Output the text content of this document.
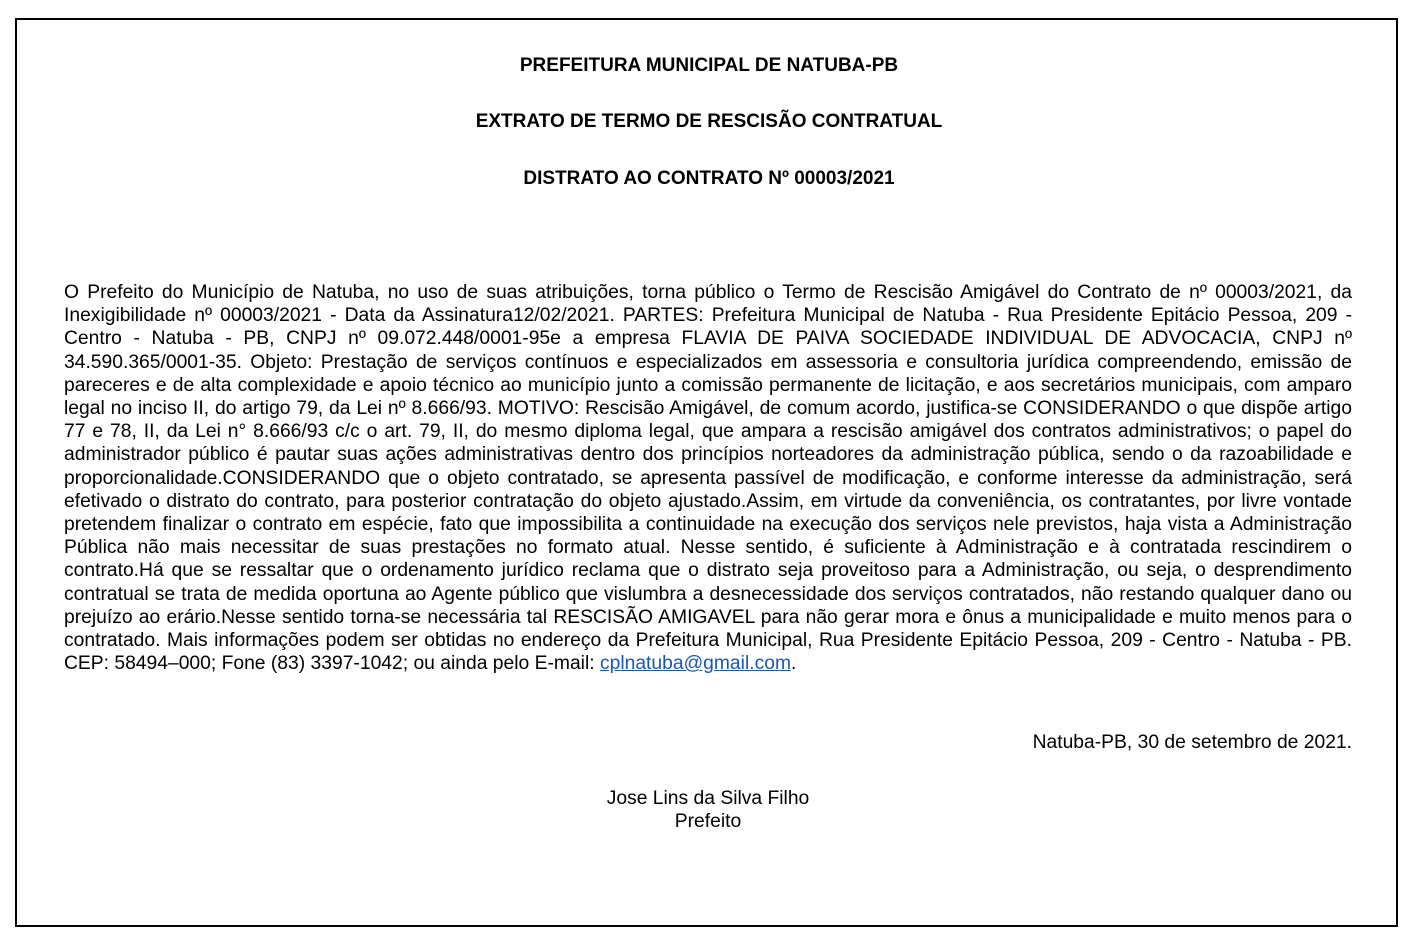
PREFEITURA MUNICIPAL DE NATUBA-PB

EXTRATO DE TERMO DE RESCISÃO CONTRATUAL

DISTRATO AO CONTRATO Nº 00003/2021

O Prefeito do Município de Natuba, no uso de suas atribuições, torna público o Termo de Rescisão Amigável do Contrato de nº 00003/2021, da Inexigibilidade nº 00003/2021 - Data da Assinatura12/02/2021. PARTES: Prefeitura Municipal de Natuba - Rua Presidente Epitácio Pessoa, 209 - Centro - Natuba - PB, CNPJ nº 09.072.448/0001-95e a empresa FLAVIA DE PAIVA SOCIEDADE INDIVIDUAL DE ADVOCACIA, CNPJ nº 34.590.365/0001-35. Objeto: Prestação de serviços contínuos e especializados em assessoria e consultoria jurídica compreendendo, emissão de pareceres e de alta complexidade e apoio técnico ao município junto a comissão permanente de licitação, e aos secretários municipais, com amparo legal no inciso II, do artigo 79, da Lei nº 8.666/93. MOTIVO: Rescisão Amigável, de comum acordo, justifica-se CONSIDERANDO o que dispõe artigo 77 e 78, II, da Lei n° 8.666/93 c/c o art. 79, II, do mesmo diploma legal, que ampara a rescisão amigável dos contratos administrativos; o papel do administrador público é pautar suas ações administrativas dentro dos princípios norteadores da administração pública, sendo o da razoabilidade e proporcionalidade.CONSIDERANDO que o objeto contratado, se apresenta passível de modificação, e conforme interesse da administração, será efetivado o distrato do contrato, para posterior contratação do objeto ajustado.Assim, em virtude da conveniência, os contratantes, por livre vontade pretendem finalizar o contrato em espécie, fato que impossibilita a continuidade na execução dos serviços nele previstos, haja vista a Administração Pública não mais necessitar de suas prestações no formato atual. Nesse sentido, é suficiente à Administração e à contratada rescindirem o contrato.Há que se ressaltar que o ordenamento jurídico reclama que o distrato seja proveitoso para a Administração, ou seja, o desprendimento contratual se trata de medida oportuna ao Agente público que vislumbra a desnecessidade dos serviços contratados, não restando qualquer dano ou prejuízo ao erário.Nesse sentido torna-se necessária tal RESCISÃO AMIGAVEL para não gerar mora e ônus a municipalidade e muito menos para o contratado. Mais informações podem ser obtidas no endereço da Prefeitura Municipal, Rua Presidente Epitácio Pessoa, 209 - Centro - Natuba - PB. CEP: 58494–000; Fone (83) 3397-1042; ou ainda pelo E-mail: cplnatuba@gmail.com.

Natuba-PB, 30 de setembro de 2021.

Jose Lins da Silva Filho

Prefeito
